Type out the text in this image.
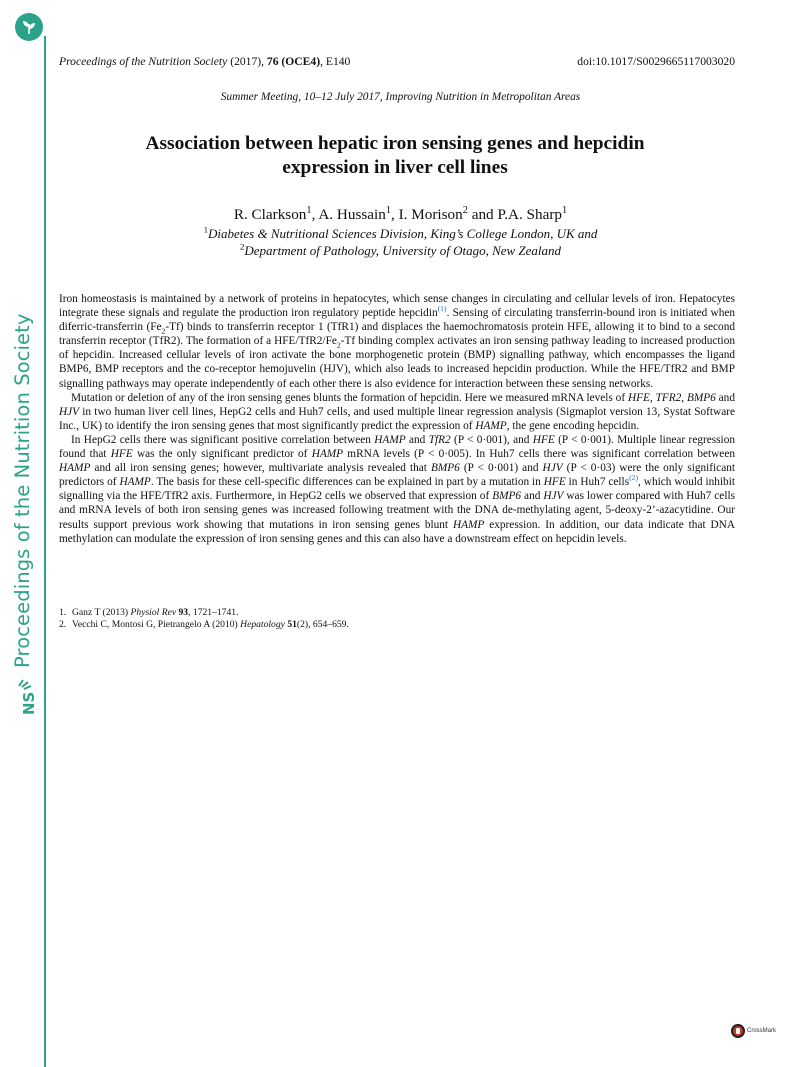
Proceedings of the Nutrition Society
NS
Proceedings of the Nutrition Society (2017), 76 (OCE4), E140	doi:10.1017/S0029665117003020
Summer Meeting, 10–12 July 2017, Improving Nutrition in Metropolitan Areas
Association between hepatic iron sensing genes and hepcidin expression in liver cell lines
R. Clarkson$^1$, A. Hussain$^1$, I. Morison$^2$ and P.A. Sharp$^1$
$^1$Diabetes & Nutritional Sciences Division, King’s College London, UK and
$^2$Department of Pathology, University of Otago, New Zealand

Iron homeostasis is maintained by a network of proteins in hepatocytes, which sense changes in circulating and cellular levels of iron. Hepatocytes integrate these signals and regulate the production iron regulatory peptide hepcidin$^{(1)}$. Sensing of circulating transferrin-bound iron is initiated when diferric-transferrin $(Fe_2-Tf)$ binds to transferrin receptor 1 (TfR1) and displaces the haemochromatosis protein HFE, allowing it to bind to a second transferrin receptor (TfR2). The formation of a HFE/$TfR2/Fe_2-Tf$ binding complex activates an iron sensing pathway leading to increased production of hepcidin. Increased cellular levels of iron activate the bone morphogenetic protein (BMP) signalling pathway, which encompasses the ligand BMP6, BMP receptors and the co-receptor hemojuvelin (HJV), which also leads to increased hepcidin production. While the HFE/TfR2 and BMP signalling pathways may operate independently of each other there is also evidence for interaction between these sensing networks.

Mutation or deletion of any of the iron sensing genes blunts the formation of hepcidin. Here we measured mRNA levels of HFE, TFR2, BMP6 and HJV in two human liver cell lines, HepG2 cells and Huh7 cells, and used multiple linear regression analysis (Sigmaplot version 13, Systat Software Inc., UK) to identify the iron sensing genes that most significantly predict the expression of HAMP, the gene encoding hepcidin.

In HepG2 cells there was significant positive correlation between HAMP and TfR2 (P < 0·001), and HFE (P < 0·001). Multiple linear regression found that HFE was the only significant predictor of HAMP mRNA levels (P < 0·005). In Huh7 cells there was significant correlation between HAMP and all iron sensing genes; however, multivariate analysis revealed that BMP6 (P < 0·001) and HJV (P < 0·03) were the only significant predictors of HAMP. The basis for these cell-specific differences can be explained in part by a mutation in HFE in Huh7 cells$^{(2)}$, which would inhibit signalling via the HFE/TfR2 axis. Furthermore, in HepG2 cells we observed that expression of BMP6 and HJV was lower compared with Huh7 cells and mRNA levels of both iron sensing genes was increased following treatment with the DNA de-methylating agent, 5-deoxy-2’-azacytidine. Our results support previous work showing that mutations in iron sensing genes blunt HAMP expression. In addition, our data indicate that DNA methylation can modulate the expression of iron sensing genes and this can also have a downstream effect on hepcidin levels.

1. Ganz T (2013) Physiol Rev 93, 1721–1741.
2. Vecchi C, Montosi G, Pietrangelo A (2010) Hepatology 51(2), 654–659.
CrossMark
